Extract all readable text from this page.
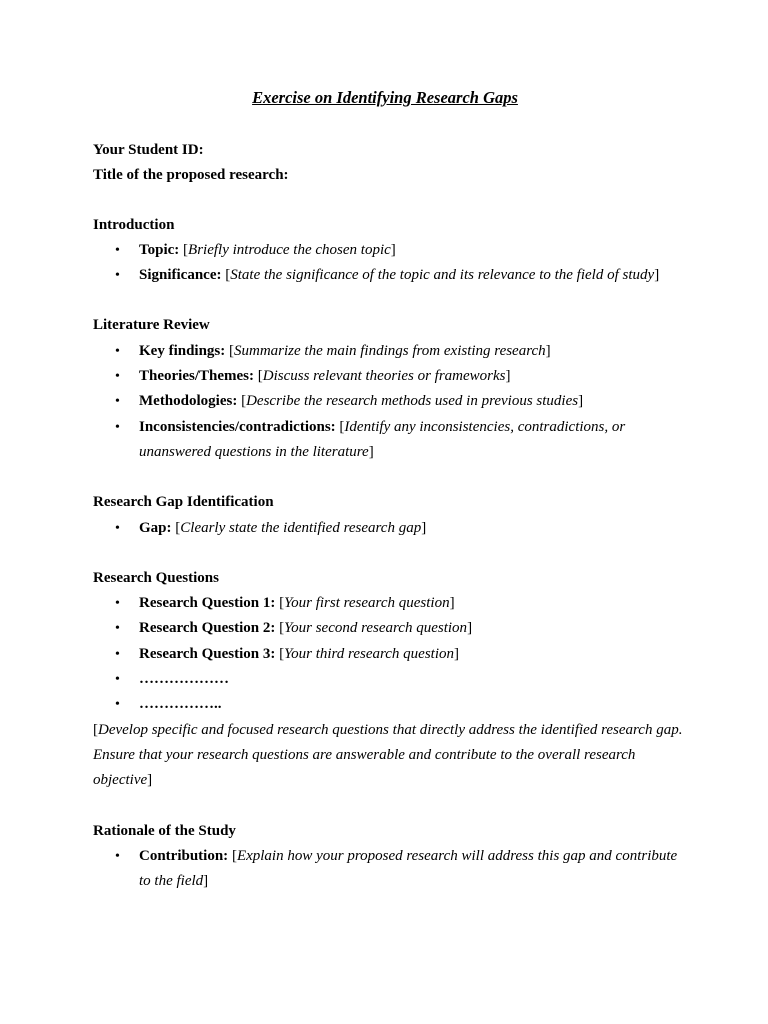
Exercise on Identifying Research Gaps
Your Student ID:
Title of the proposed research:
Introduction
• Topic: [Briefly introduce the chosen topic]
• Significance: [State the significance of the topic and its relevance to the field of study]
Literature Review
• Key findings: [Summarize the main findings from existing research]
• Theories/Themes: [Discuss relevant theories or frameworks]
• Methodologies: [Describe the research methods used in previous studies]
• Inconsistencies/contradictions: [Identify any inconsistencies, contradictions, or unanswered questions in the literature]
Research Gap Identification
• Gap: [Clearly state the identified research gap]
Research Questions
• Research Question 1: [Your first research question]
• Research Question 2: [Your second research question]
• Research Question 3: [Your third research question]
• ………………
• ……………..
[Develop specific and focused research questions that directly address the identified research gap. Ensure that your research questions are answerable and contribute to the overall research objective]
Rationale of the Study
• Contribution: [Explain how your proposed research will address this gap and contribute to the field]
